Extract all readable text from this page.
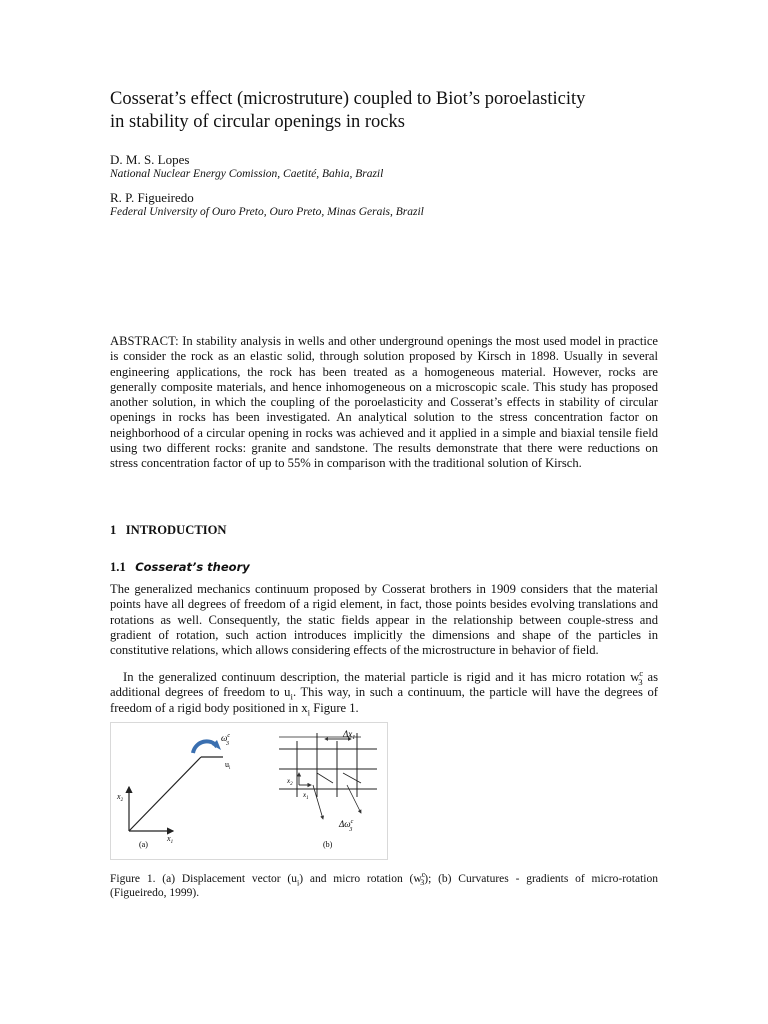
Cosserat’s effect (microstruture) coupled to Biot’s poroelasticity
in stability of circular openings in rocks

D. M. S. Lopes

National Nuclear Energy Comission, Caetité, Bahia, Brazil

R. P. Figueiredo

Federal University of Ouro Preto, Ouro Preto, Minas Gerais, Brazil

ABSTRACT: In stability analysis in wells and other underground openings the most used model in practice is consider the rock as an elastic solid, through solution proposed by Kirsch in 1898. Usually in several engineering applications, the rock has been treated as a homogeneous material. However, rocks are generally composite materials, and hence inhomogeneous on a microscopic scale. This study has proposed another solution, in which the coupling of the poroelasticity and Cosserat’s effects in stability of circular openings in rocks has been investigated. An analytical solution to the stress concentration factor on neighborhood of a circular opening in rocks was achieved and it applied in a simple and biaxial tensile field using two different rocks: granite and sandstone. The results demonstrate that there were reductions on stress concentration factor of up to 55% in comparison with the traditional solution of Kirsch.

1 INTRODUCTION
1.1 Cosserat’s theory

The generalized mechanics continuum proposed by Cosserat brothers in 1909 considers that the material points have all degrees of freedom of a rigid element, in fact, those points besides evolving translations and rotations as well. Consequently, the static fields appear in the relationship between couple-stress and gradient of rotation, such action introduces implicitly the dimensions and shape of the particles in constitutive relations, which allows considering effects of the microstructure in behavior of field.

In the generalized continuum description, the material particle is rigid and it has micro rotation $w^c_3$ as additional degrees of freedom to $u_i$. This way, in such a continuum, the particle will have the degrees of freedom of a rigid body positioned in $x_i$ Figure 1.

$\omega^c$ 3
$u_i$
$x_2$
$x_1$
(a)
$\Delta x_1$
$x_2$
$x_1$
$\Delta\omega^c$ 3
(b)

Figure 1. (a) Displacement vector $(u_i)$ and micro rotation $(w^c_3)$; (b) Curvatures - gradients of micro-rotation (Figueiredo, 1999).
